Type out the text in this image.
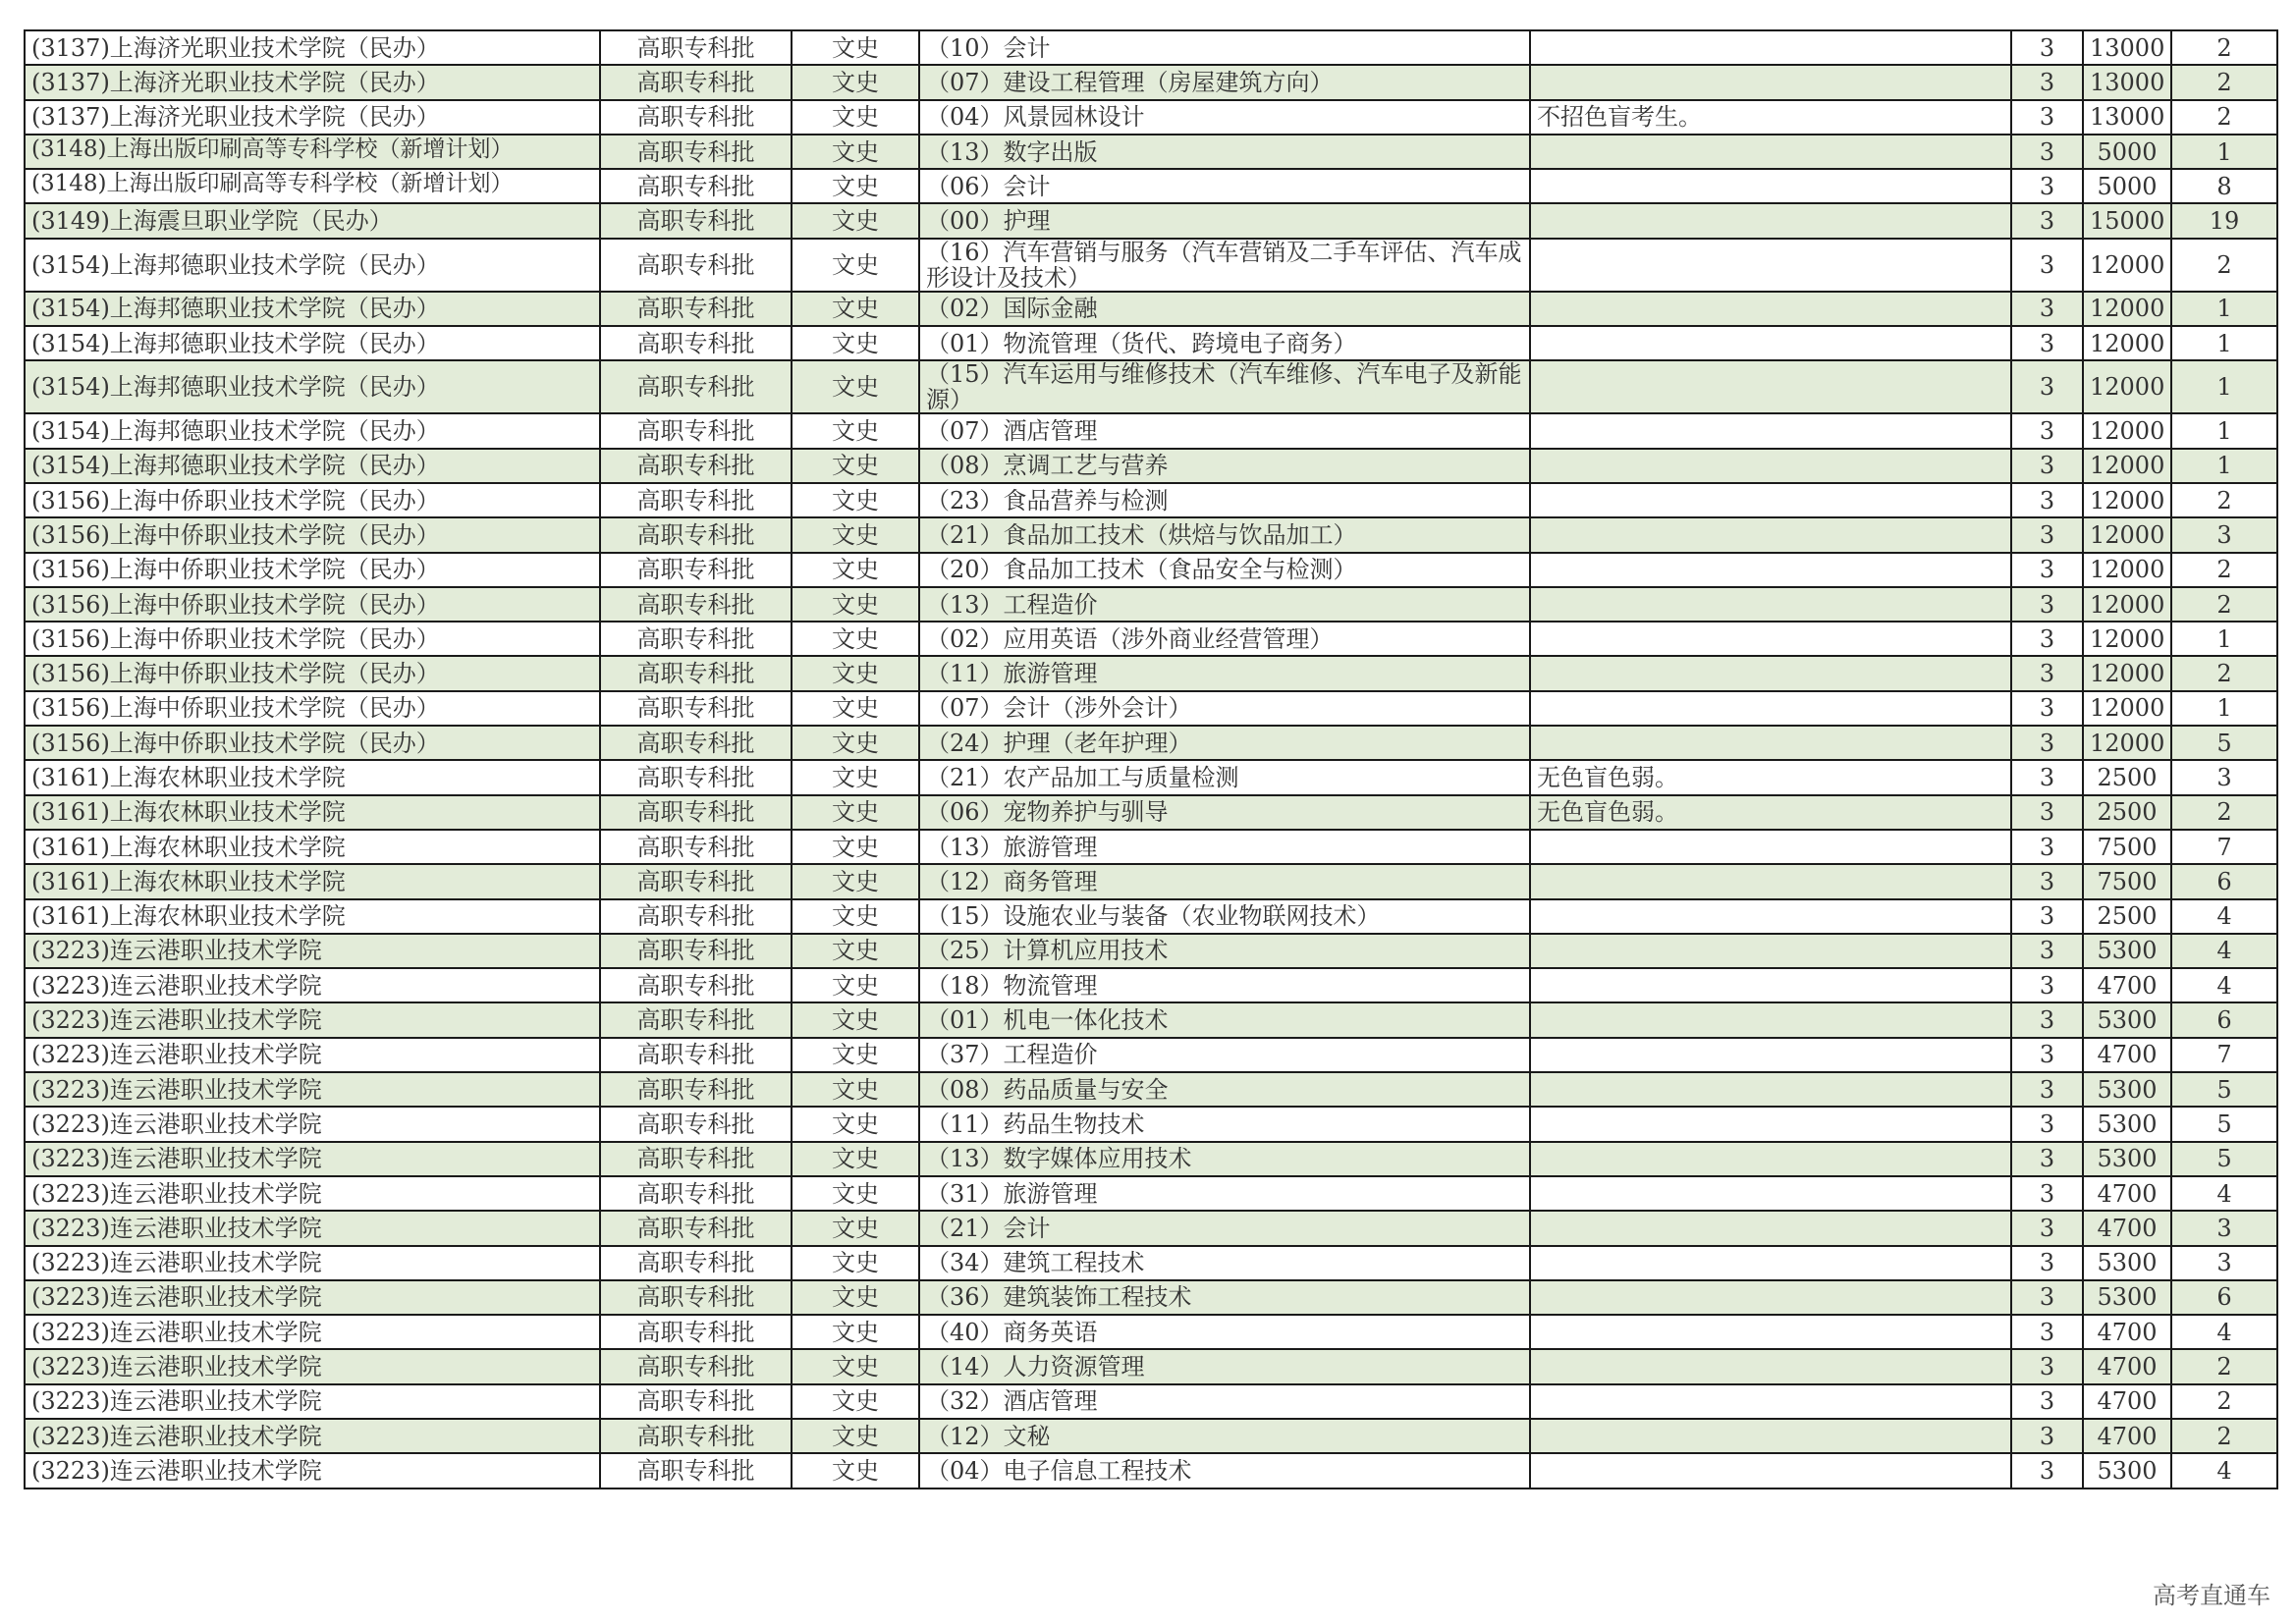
(3137)上海济光职业技术学院（民办）	高职专科批	文史	（10）会计		3	13000	2
(3137)上海济光职业技术学院（民办）	高职专科批	文史	（07）建设工程管理（房屋建筑方向）		3	13000	2
(3137)上海济光职业技术学院（民办）	高职专科批	文史	（04）风景园林设计	不招色盲考生。	3	13000	2

(3148)上海出版印刷高等专科学校（新增计划）	高职专科批	文史	（13）数字出版		3	5000	1

(3148)上海出版印刷高等专科学校（新增计划）	高职专科批	文史	（06）会计		3	5000	8
(3149)上海震旦职业学院（民办）	高职专科批	文史	（00）护理		3	15000	19
(3154)上海邦德职业技术学院（民办）	高职专科批	文史	（16）汽车营销与服务（汽车营销及二手车评估、汽车成形设计及技术）		3	12000	2
(3154)上海邦德职业技术学院（民办）	高职专科批	文史	（02）国际金融		3	12000	1
(3154)上海邦德职业技术学院（民办）	高职专科批	文史	（01）物流管理（货代、跨境电子商务）		3	12000	1
(3154)上海邦德职业技术学院（民办）	高职专科批	文史	（15）汽车运用与维修技术（汽车维修、汽车电子及新能源）		3	12000	1
(3154)上海邦德职业技术学院（民办）	高职专科批	文史	（07）酒店管理		3	12000	1
(3154)上海邦德职业技术学院（民办）	高职专科批	文史	（08）烹调工艺与营养		3	12000	1
(3156)上海中侨职业技术学院（民办）	高职专科批	文史	（23）食品营养与检测		3	12000	2
(3156)上海中侨职业技术学院（民办）	高职专科批	文史	（21）食品加工技术（烘焙与饮品加工）		3	12000	3
(3156)上海中侨职业技术学院（民办）	高职专科批	文史	（20）食品加工技术（食品安全与检测）		3	12000	2
(3156)上海中侨职业技术学院（民办）	高职专科批	文史	（13）工程造价		3	12000	2
(3156)上海中侨职业技术学院（民办）	高职专科批	文史	（02）应用英语（涉外商业经营管理）		3	12000	1
(3156)上海中侨职业技术学院（民办）	高职专科批	文史	（11）旅游管理		3	12000	2
(3156)上海中侨职业技术学院（民办）	高职专科批	文史	（07）会计（涉外会计）		3	12000	1
(3156)上海中侨职业技术学院（民办）	高职专科批	文史	（24）护理（老年护理）		3	12000	5
(3161)上海农林职业技术学院	高职专科批	文史	（21）农产品加工与质量检测	无色盲色弱。	3	2500	3
(3161)上海农林职业技术学院	高职专科批	文史	（06）宠物养护与驯导	无色盲色弱。	3	2500	2
(3161)上海农林职业技术学院	高职专科批	文史	（13）旅游管理		3	7500	7
(3161)上海农林职业技术学院	高职专科批	文史	（12）商务管理		3	7500	6
(3161)上海农林职业技术学院	高职专科批	文史	（15）设施农业与装备（农业物联网技术）		3	2500	4
(3223)连云港职业技术学院	高职专科批	文史	（25）计算机应用技术		3	5300	4
(3223)连云港职业技术学院	高职专科批	文史	（18）物流管理		3	4700	4
(3223)连云港职业技术学院	高职专科批	文史	（01）机电一体化技术		3	5300	6
(3223)连云港职业技术学院	高职专科批	文史	（37）工程造价		3	4700	7
(3223)连云港职业技术学院	高职专科批	文史	（08）药品质量与安全		3	5300	5
(3223)连云港职业技术学院	高职专科批	文史	（11）药品生物技术		3	5300	5
(3223)连云港职业技术学院	高职专科批	文史	（13）数字媒体应用技术		3	5300	5
(3223)连云港职业技术学院	高职专科批	文史	（31）旅游管理		3	4700	4
(3223)连云港职业技术学院	高职专科批	文史	（21）会计		3	4700	3
(3223)连云港职业技术学院	高职专科批	文史	（34）建筑工程技术		3	5300	3
(3223)连云港职业技术学院	高职专科批	文史	（36）建筑装饰工程技术		3	5300	6
(3223)连云港职业技术学院	高职专科批	文史	（40）商务英语		3	4700	4
(3223)连云港职业技术学院	高职专科批	文史	（14）人力资源管理		3	4700	2
(3223)连云港职业技术学院	高职专科批	文史	（32）酒店管理		3	4700	2
(3223)连云港职业技术学院	高职专科批	文史	（12）文秘		3	4700	2
(3223)连云港职业技术学院	高职专科批	文史	（04）电子信息工程技术		3	5300	4
高考直通车
